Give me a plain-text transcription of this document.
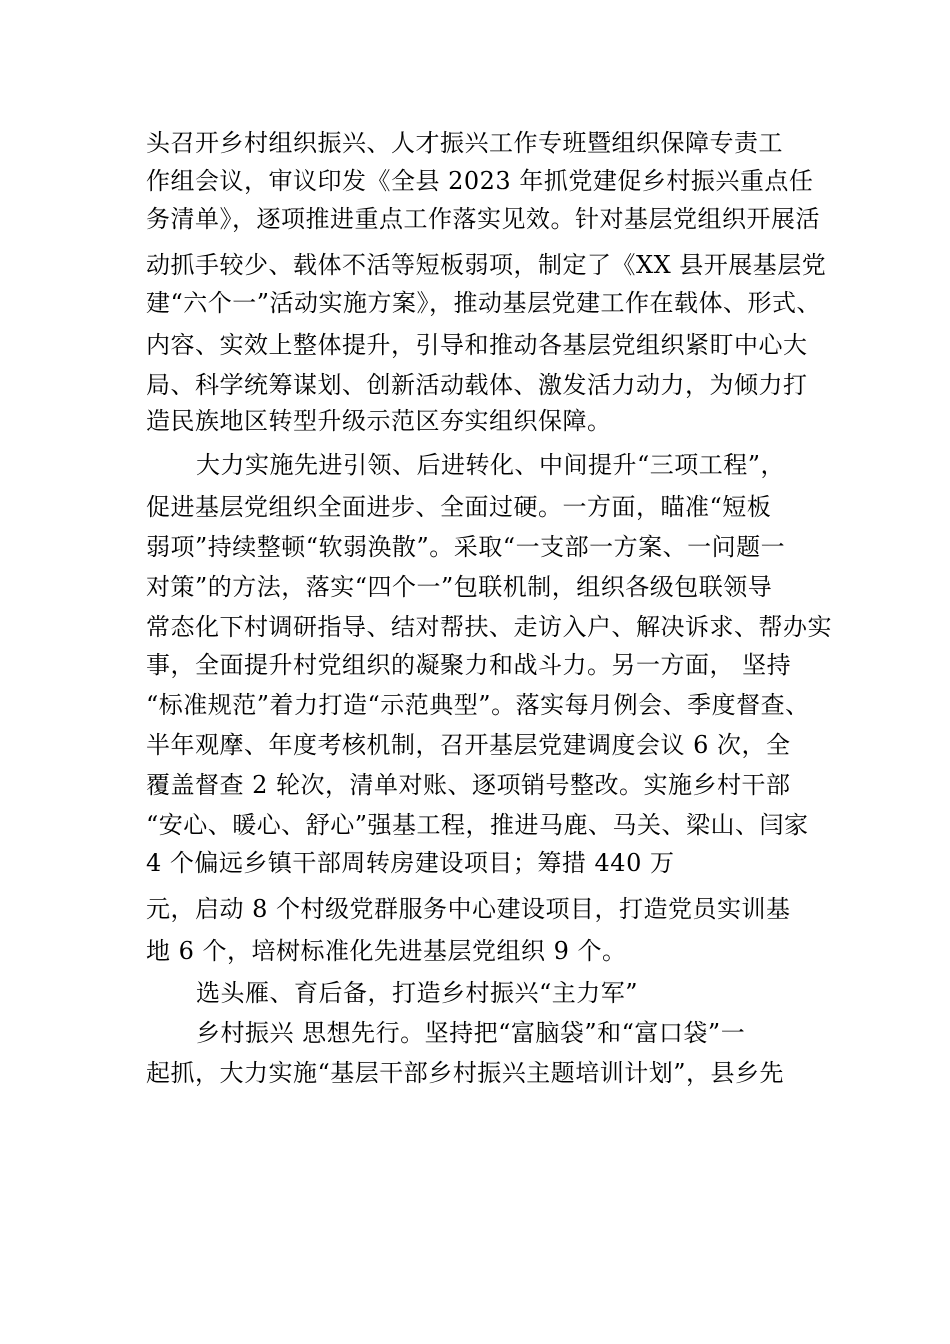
头召开乡村组织振兴、人才振兴工作专班暨组织保障专责工
作组会议，审议印发《全县 2023 年抓党建促乡村振兴重点任
务清单》，逐项推进重点工作落实见效。针对基层党组织开展活
动抓手较少、载体不活等短板弱项，制定了《XX 县开展基层党
建“六个一”活动实施方案》，推动基层党建工作在载体、形式、
内容、实效上整体提升，引导和推动各基层党组织紧盯中心大
局、科学统筹谋划、创新活动载体、激发活力动力，为倾力打
造民族地区转型升级示范区夯实组织保障。
大力实施先进引领、后进转化、中间提升“三项工程”，
促进基层党组织全面进步、全面过硬。一方面，瞄准“短板
弱项”持续整顿“软弱涣散”。采取“一支部一方案、一问题一
对策”的方法，落实“四个一”包联机制，组织各级包联领导
常态化下村调研指导、结对帮扶、走访入户、解决诉求、帮办实
事，全面提升村党组织的凝聚力和战斗力。另一方面， 坚持
“标准规范”着力打造“示范典型”。落实每月例会、季度督查、
半年观摩、年度考核机制，召开基层党建调度会议 6 次，全
覆盖督查 2 轮次，清单对账、逐项销号整改。实施乡村干部
“安心、暖心、舒心”强基工程，推进马鹿、马关、梁山、闫家
4 个偏远乡镇干部周转房建设项目；筹措 440 万
元，启动 8 个村级党群服务中心建设项目，打造党员实训基
地 6 个，培树标准化先进基层党组织 9 个。
选头雁、育后备，打造乡村振兴“主力军”
乡村振兴 思想先行。坚持把“富脑袋”和“富口袋”一
起抓，大力实施“基层干部乡村振兴主题培训计划”，县乡先
